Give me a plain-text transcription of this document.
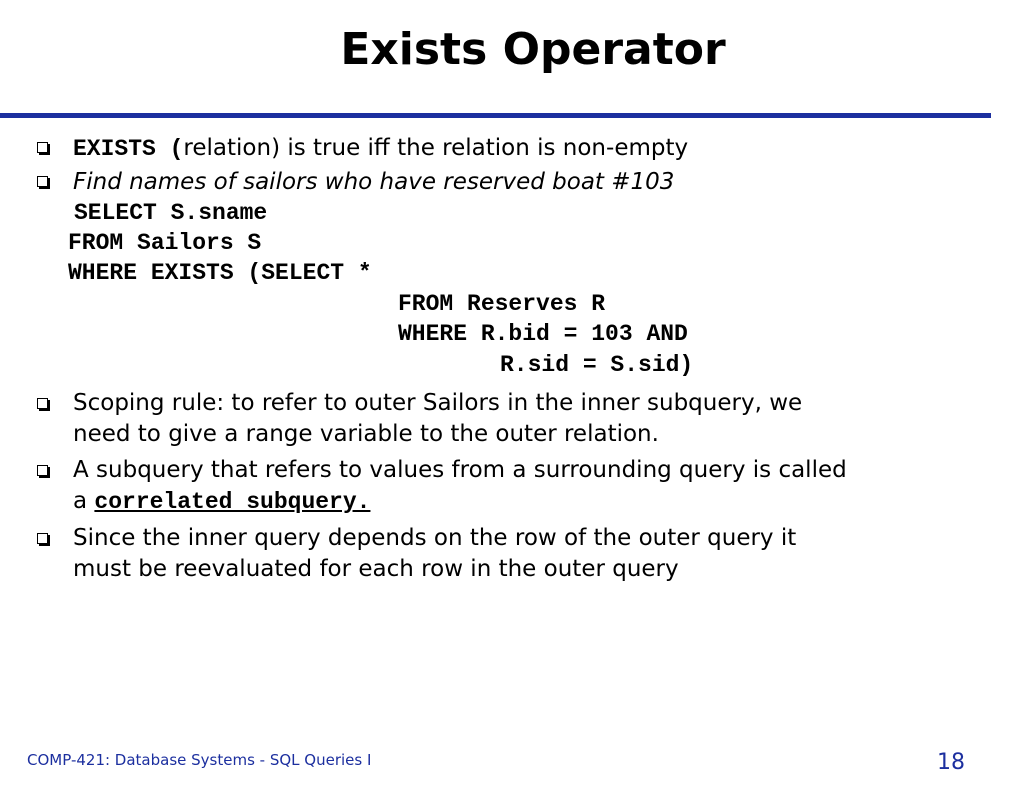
Exists Operator
EXISTS (relation) is true iff the relation is non-empty
Find names of sailors who have reserved boat #103
SELECT S.sname
FROM Sailors S
WHERE EXISTS (SELECT *
FROM Reserves R
WHERE R.bid = 103 AND
R.sid = S.sid)
Scoping rule: to refer to outer Sailors in the inner subquery, we
need to give a range variable to the outer relation.
A subquery that refers to values from a surrounding query is called
a correlated subquery.
Since the inner query depends on the row of the outer query it
must be reevaluated for each row in the outer query
COMP-421: Database Systems - SQL Queries I	18
